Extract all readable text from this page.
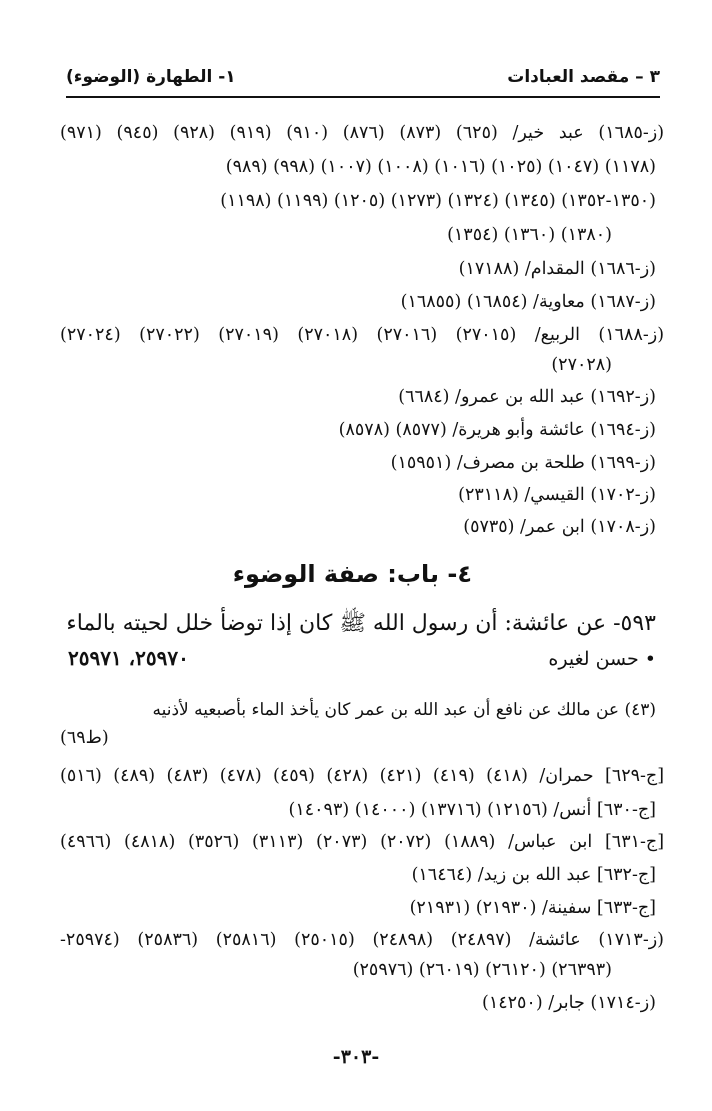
١- الطهارة (الوضوء)	٣ – مقصد العبادات
(ز-١٦٨٥) عبد خير/ (٦٢٥) (٨٧٣) (٨٧٦) (٩١٠) (٩١٩) (٩٢٨) (٩٤٥) (٩٧١)
(٩٨٩) (٩٩٨) (١٠٠٧) (١٠٠٨) (١٠١٦) (١٠٢٥) (١٠٤٧) (١١٧٨)
(١١٩٨) (١١٩٩) (١٢٠٥) (١٢٧٣) (١٣٢٤) (١٣٤٥) (١٣٥٠-١٣٥٢)
(١٣٥٤) (١٣٦٠) (١٣٨٠)
(ز-١٦٨٦) المقدام/ (١٧١٨٨)
(ز-١٦٨٧) معاوية/ (١٦٨٥٤) (١٦٨٥٥)
(ز-١٦٨٨) الربيع/ (٢٧٠١٥) (٢٧٠١٦) (٢٧٠١٨) (٢٧٠١٩) (٢٧٠٢٢) (٢٧٠٢٤)
(٢٧٠٢٨)
(ز-١٦٩٢) عبد الله بن عمرو/ (٦٦٨٤)
(ز-١٦٩٤) عائشة وأبو هريرة/ (٨٥٧٧) (٨٥٧٨)
(ز-١٦٩٩) طلحة بن مصرف/ (١٥٩٥١)
(ز-١٧٠٢) القيسي/ (٢٣١١٨)
(ز-١٧٠٨) ابن عمر/ (٥٧٣٥)
٤- باب: صفة الوضوء
٥٩٣- عن عائشة: أن رسول الله ﷺ كان إذا توضأ خلل لحيته بالماء
• حسن لغيره
٢٥٩٧٠، ٢٥٩٧١
(٤٣) عن مالك عن نافع أن عبد الله بن عمر كان يأخذ الماء بأصبعيه لأذنيه
(ط٦٩)
[ج-٦٢٩] حمران/ (٤١٨) (٤١٩) (٤٢١) (٤٢٨) (٤٥٩) (٤٧٨) (٤٨٣) (٤٨٩) (٥١٦)
[ج-٦٣٠] أنس/ (١٢١٥٦) (١٣٧١٦) (١٤٠٠٠) (١٤٠٩٣)
[ج-٦٣١] ابن عباس/ (١٨٨٩) (٢٠٧٢) (٢٠٧٣) (٣١١٣) (٣٥٢٦) (٤٨١٨) (٤٩٦٦)
[ج-٦٣٢] عبد الله بن زيد/ (١٦٤٦٤)
[ج-٦٣٣] سفينة/ (٢١٩٣٠) (٢١٩٣١)
(ز-١٧١٣) عائشة/ (٢٤٨٩٧) (٢٤٨٩٨) (٢٥٠١٥) (٢٥٨١٦) (٢٥٨٣٦) (٢٥٩٧٤-
(٢٥٩٧٦) (٢٦٠١٩) (٢٦١٢٠) (٢٦٣٩٣)
(ز-١٧١٤) جابر/ (١٤٢٥٠)
-٣٠٣-
